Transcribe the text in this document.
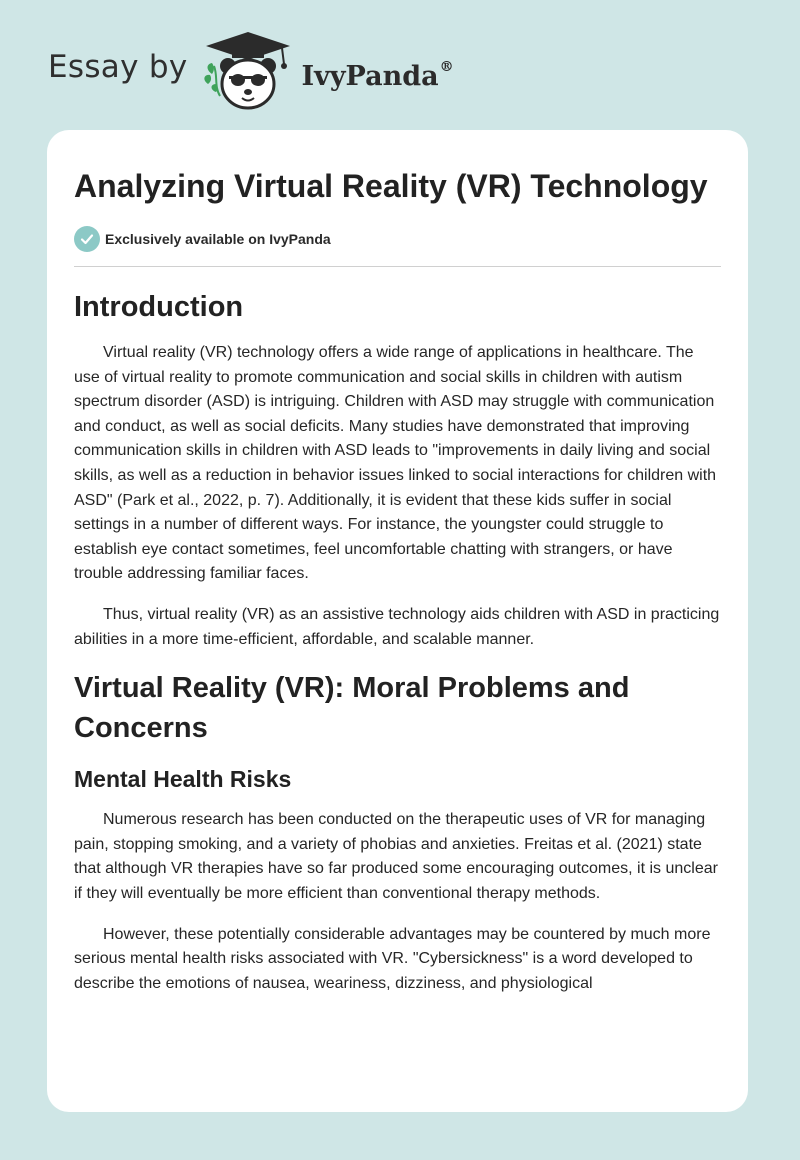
Essay by	IvyPanda®
Analyzing Virtual Reality (VR) Technology
Exclusively available on IvyPanda
Introduction

Virtual reality (VR) technology offers a wide range of applications in healthcare. The use of virtual reality to promote communication and social skills in children with autism spectrum disorder (ASD) is intriguing. Children with ASD may struggle with communication and conduct, as well as social deficits. Many studies have demonstrated that improving communication skills in children with ASD leads to "improvements in daily living and social skills, as well as a reduction in behavior issues linked to social interactions for children with ASD" (Park et al., 2022, p. 7). Additionally, it is evident that these kids suffer in social settings in a number of different ways. For instance, the youngster could struggle to establish eye contact sometimes, feel uncomfortable chatting with strangers, or have trouble addressing familiar faces.

Thus, virtual reality (VR) as an assistive technology aids children with ASD in practicing abilities in a more time-efficient, affordable, and scalable manner.

Virtual Reality (VR): Moral Problems and Concerns
Mental Health Risks

Numerous research has been conducted on the therapeutic uses of VR for managing pain, stopping smoking, and a variety of phobias and anxieties. Freitas et al. (2021) state that although VR therapies have so far produced some encouraging outcomes, it is unclear if they will eventually be more efficient than conventional therapy methods.

However, these potentially considerable advantages may be countered by much more serious mental health risks associated with VR. "Cybersickness" is a word developed to describe the emotions of nausea, weariness, dizziness, and physiological
